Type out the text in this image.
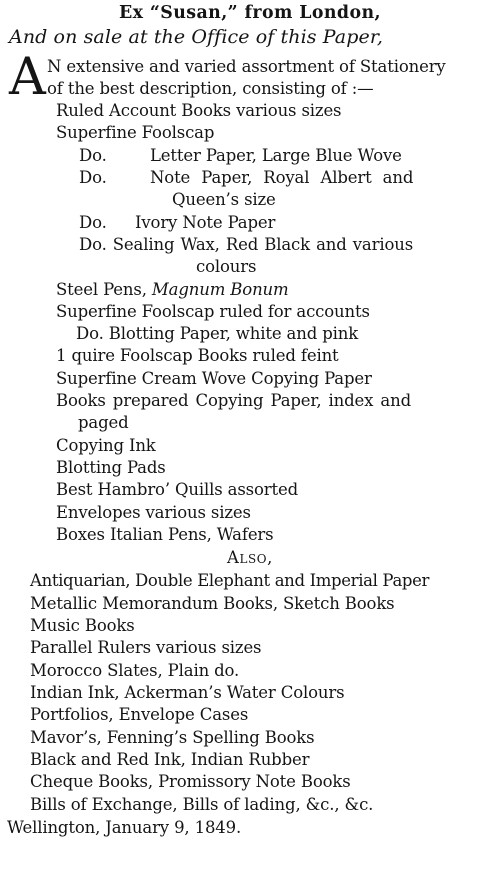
Ex “Susan,” from London,
And on sale at the Office of this Paper,
A N extensive and varied assortment of Stationery
of the best description, consisting of :—
Ruled Account Books various sizes
Superfine Foolscap
Do.	Letter Paper, Large Blue Wove
Do.	Note Paper, Royal Albert and
Queen’s size
Do. Ivory Note Paper
Do. Sealing Wax, Red Black and various
colours
Steel Pens, Magnum Bonum
Superfine Foolscap ruled for accounts
Do. Blotting Paper, white and pink
1 quire Foolscap Books ruled feint
Superfine Cream Wove Copying Paper
Books prepared Copying Paper, index and
paged
Copying Ink
Blotting Pads
Best Hambro’ Quills assorted
Envelopes various sizes
Boxes Italian Pens, Wafers
Also,
Antiquarian, Double Elephant and Imperial Paper
Metallic Memorandum Books, Sketch Books
Music Books
Parallel Rulers various sizes
Morocco Slates, Plain do.
Indian Ink, Ackerman’s Water Colours
Portfolios, Envelope Cases
Mavor’s, Fenning’s Spelling Books
Black and Red Ink, Indian Rubber
Cheque Books, Promissory Note Books
Bills of Exchange, Bills of lading, &c., &c.
Wellington, January 9, 1849.
